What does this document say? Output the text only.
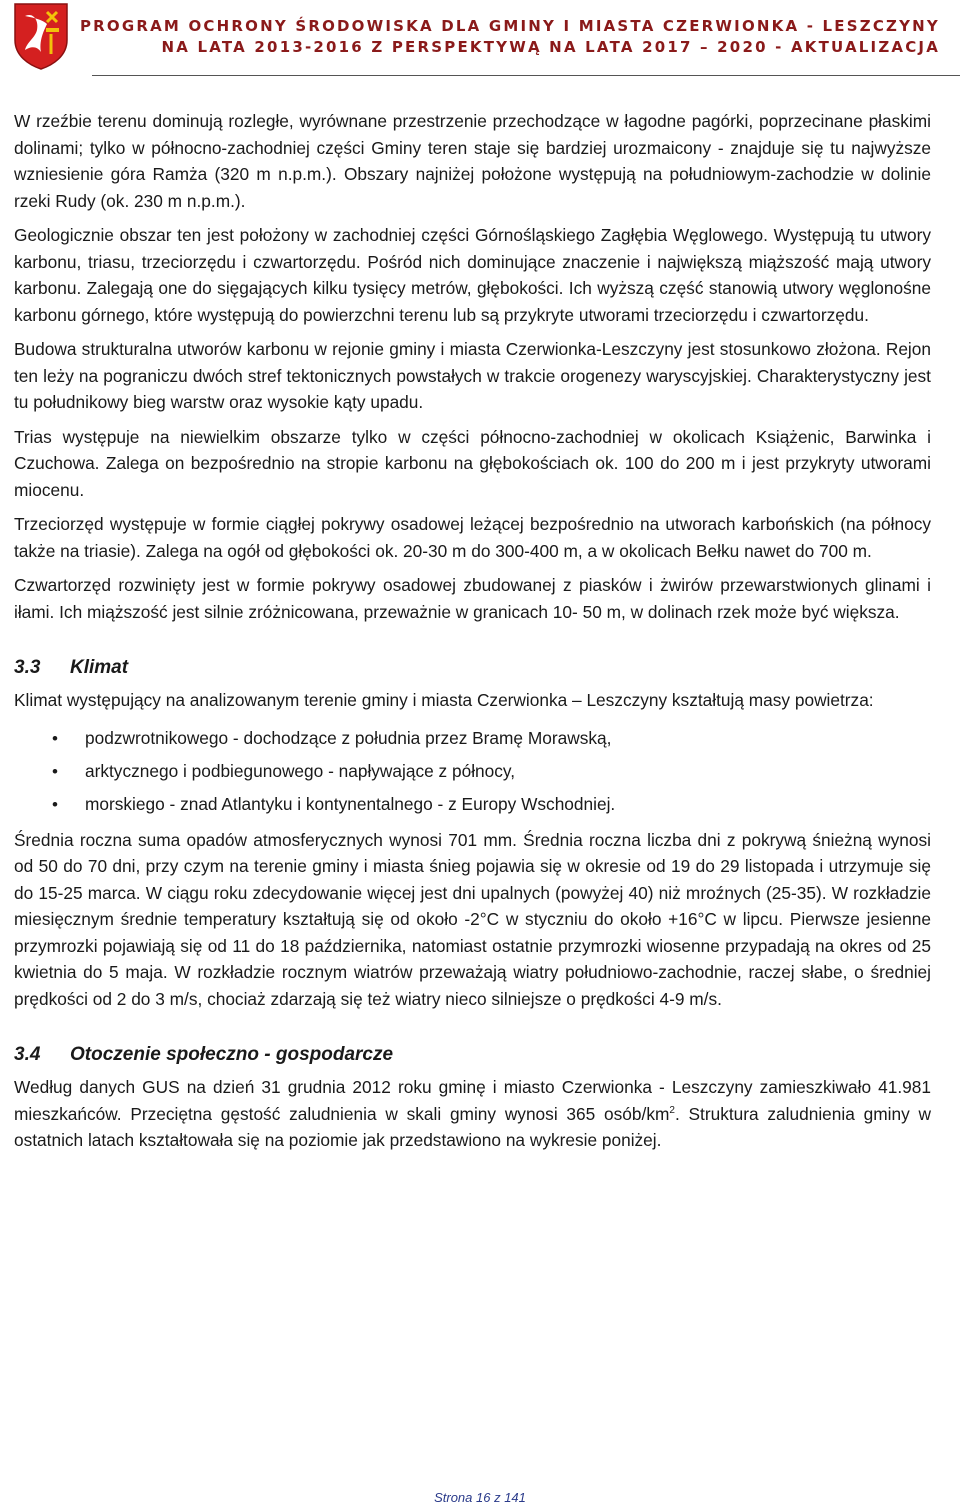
PROGRAM OCHRONY ŚRODOWISKA DLA GMINY I MIASTA CZERWIONKA - LESZCZYNY
NA LATA 2013-2016 Z PERSPEKTYWĄ NA LATA 2017 – 2020 - AKTUALIZACJA

W rzeźbie terenu dominują rozległe, wyrównane przestrzenie przechodzące w łagodne pagórki, poprzecinane płaskimi dolinami; tylko w północno-zachodniej części Gminy teren staje się bardziej urozmaicony - znajduje się tu najwyższe wzniesienie góra Ramża (320 m n.p.m.). Obszary najniżej położone występują na południowym-zachodzie w dolinie rzeki Rudy (ok. 230 m n.p.m.).

Geologicznie obszar ten jest położony w zachodniej części Górnośląskiego Zagłębia Węglowego. Występują tu utwory karbonu, triasu, trzeciorzędu i czwartorzędu. Pośród nich dominujące znaczenie i największą miąższość mają utwory karbonu. Zalegają one do sięgających kilku tysięcy metrów, głębokości. Ich wyższą część stanowią utwory węglonośne karbonu górnego, które występują do powierzchni terenu lub są przykryte utworami trzeciorzędu i czwartorzędu.

Budowa strukturalna utworów karbonu w rejonie gminy i miasta Czerwionka-Leszczyny jest stosunkowo złożona. Rejon ten leży na pograniczu dwóch stref tektonicznych powstałych w trakcie orogenezy waryscyjskiej. Charakterystyczny jest tu południkowy bieg warstw oraz wysokie kąty upadu.

Trias występuje na niewielkim obszarze tylko w części północno-zachodniej w okolicach Książenic, Barwinka i Czuchowa. Zalega on bezpośrednio na stropie karbonu na głębokościach ok. 100 do 200 m i jest przykryty utworami miocenu.

Trzeciorzęd występuje w formie ciągłej pokrywy osadowej leżącej bezpośrednio na utworach karbońskich (na północy także na triasie). Zalega na ogół od głębokości ok. 20-30 m do 300-400 m, a w okolicach Bełku nawet do 700 m.

Czwartorzęd rozwinięty jest w formie pokrywy osadowej zbudowanej z piasków i żwirów przewarstwionych glinami i iłami. Ich miąższość jest silnie zróżnicowana, przeważnie w granicach 10- 50 m, w dolinach rzek może być większa.

3.3 Klimat

Klimat występujący na analizowanym terenie gminy i miasta Czerwionka – Leszczyny kształtują masy powietrza:

• podzwrotnikowego - dochodzące z południa przez Bramę Morawską,
• arktycznego i podbiegunowego - napływające z północy,
• morskiego - znad Atlantyku i kontynentalnego - z Europy Wschodniej.

Średnia roczna suma opadów atmosferycznych wynosi 701 mm. Średnia roczna liczba dni z pokrywą śnieżną wynosi od 50 do 70 dni, przy czym na terenie gminy i miasta śnieg pojawia się w okresie od 19 do 29 listopada i utrzymuje się do 15-25 marca. W ciągu roku zdecydowanie więcej jest dni upalnych (powyżej 40) niż mroźnych (25-35). W rozkładzie miesięcznym średnie temperatury kształtują się od około -2°C w styczniu do około +16°C w lipcu. Pierwsze jesienne przymrozki pojawiają się od 11 do 18 października, natomiast ostatnie przymrozki wiosenne przypadają na okres od 25 kwietnia do 5 maja. W rozkładzie rocznym wiatrów przeważają wiatry południowo-zachodnie, raczej słabe, o średniej prędkości od 2 do 3 m/s, chociaż zdarzają się też wiatry nieco silniejsze o prędkości 4-9 m/s.

3.4 Otoczenie społeczno - gospodarcze

Według danych GUS na dzień 31 grudnia 2012 roku gminę i miasto Czerwionka - Leszczyny zamieszkiwało 41.981 mieszkańców. Przeciętna gęstość zaludnienia w skali gminy wynosi 365 osób/$km^2$. Struktura zaludnienia gminy w ostatnich latach kształtowała się na poziomie jak przedstawiono na wykresie poniżej.

Strona 16 z 141
